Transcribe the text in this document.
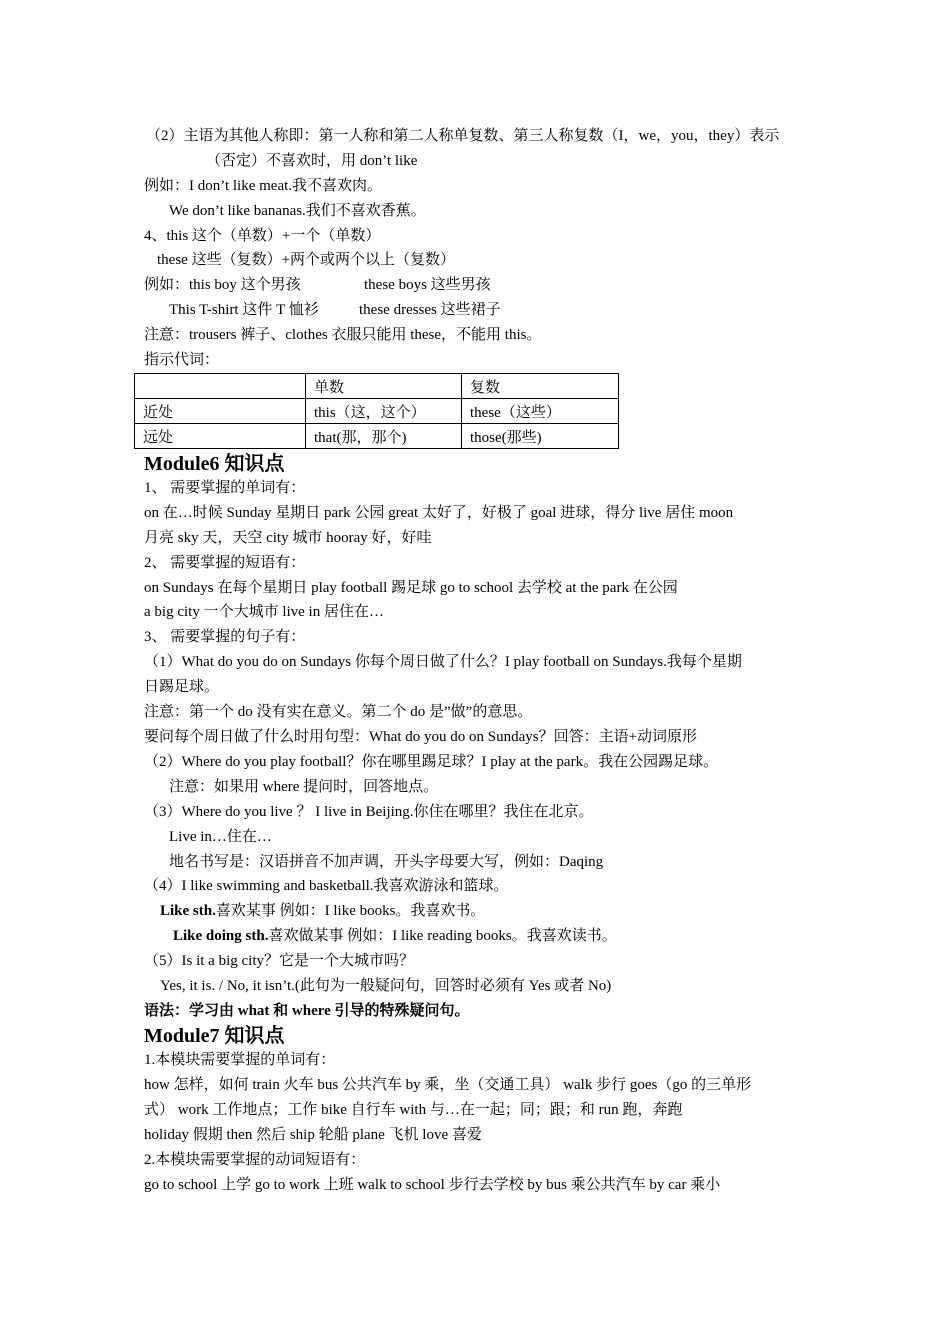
（2）主语为其他人称即：第一人称和第二人称单复数、第三人称复数（I，we，you，they）表示
（否定）不喜欢时，用 don’t like
例如：I don’t like meat.我不喜欢肉。
We don’t like bananas.我们不喜欢香蕉。
4、this 这个（单数）+一个（单数）
these 这些（复数）+两个或两个以上（复数）
例如：this boy 这个男孩	these boys 这些男孩
This T-shirt 这件 T 恤衫	these dresses 这些裙子
注意：trousers 裤子、clothes 衣服只能用 these，不能用 this。
指示代词：
	单数	复数
近处	this（这，这个）	these（这些）
远处	that(那，那个)	those(那些)
Module6 知识点
1、 需要掌握的单词有：
on 在…时候 Sunday 星期日 park 公园 great 太好了，好极了 goal 进球，得分 live 居住 moon
月亮 sky 天，天空 city 城市 hooray 好，好哇
2、 需要掌握的短语有：
on Sundays 在每个星期日 play football 踢足球 go to school 去学校 at the park 在公园
a big city 一个大城市 live in 居住在…
3、 需要掌握的句子有：
（1）What do you do on Sundays 你每个周日做了什么？I play football on Sundays.我每个星期
日踢足球。
注意：第一个 do 没有实在意义。第二个 do 是”做”的意思。
要问每个周日做了什么时用句型：What do you do on Sundays？回答：主语+动词原形
（2）Where do you play football？你在哪里踢足球？I play at the park。我在公园踢足球。
注意：如果用 where 提问时，回答地点。
（3）Where do you live ？ I live in Beijing.你住在哪里？我住在北京。
Live in…住在…
地名书写是：汉语拼音不加声调，开头字母要大写，例如：Daqing
（4）I like swimming and basketball.我喜欢游泳和篮球。
Like sth.喜欢某事 例如：I like books。我喜欢书。
Like doing sth.喜欢做某事 例如：I like reading books。我喜欢读书。
（5）Is it a big city？它是一个大城市吗？
Yes, it is. / No, it isn’t.(此句为一般疑问句，回答时必须有 Yes 或者 No)
语法：学习由 what 和 where 引导的特殊疑问句。
Module7 知识点
1.本模块需要掌握的单词有：
how 怎样，如何 train 火车 bus 公共汽车 by 乘，坐（交通工具） walk 步行 goes（go 的三单形
式） work 工作地点；工作 bike 自行车 with 与…在一起；同；跟；和 run 跑，奔跑
holiday 假期 then 然后 ship 轮船 plane 飞机 love 喜爱
2.本模块需要掌握的动词短语有：
go to school 上学 go to work 上班 walk to school 步行去学校 by bus 乘公共汽车 by car 乘小
